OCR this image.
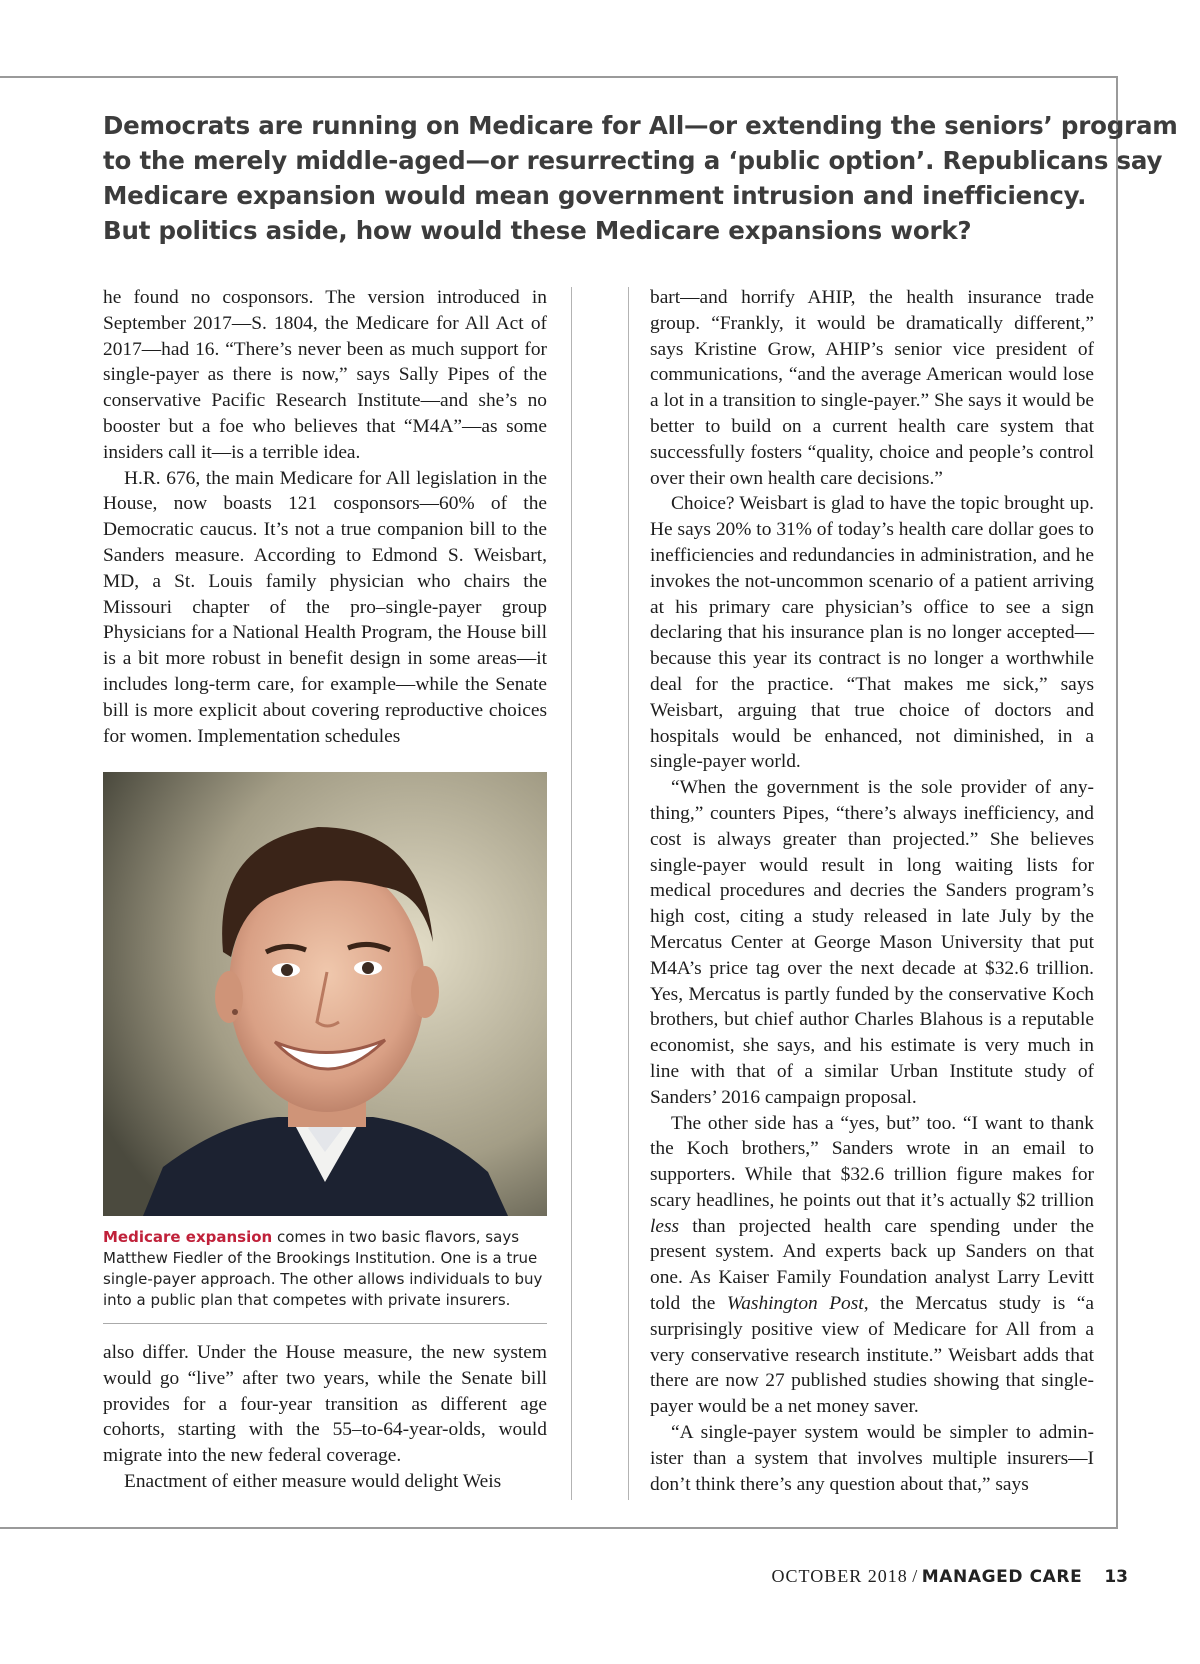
Democrats are running on Medicare for All—or extending the seniors’ program
to the merely middle-aged—or resurrecting a ‘public option’. Republicans say
Medicare expansion would mean government intrusion and inefficiency.
But politics aside, how would these Medicare expansions work?

he found no cosponsors. The version introduced in September 2017—S. 1804, the Medicare for All Act of 2017—had 16. “There’s never been as much support for single-payer as there is now,” says Sally Pipes of the conservative Pacific Research Institute—and she’s no booster but a foe who believes that “M4A”—as some insiders call it—is a terrible idea.

H.R. 676, the main Medicare for All legislation in the House, now boasts 121 cosponsors—60% of the Democratic caucus. It’s not a true companion bill to the Sanders measure. According to Edmond S. Weisbart, MD, a St. Louis family physician who chairs the Missouri chapter of the pro–single-payer group Physicians for a National Health Program, the House bill is a bit more robust in benefit design in some areas—it includes long-term care, for example—while the Senate bill is more explicit about covering reproductive choices for women. Implementation schedules

Medicare expansion comes in two basic flavors, says Matthew Fiedler of the Brookings Institution. One is a true single-payer approach. The other allows individuals to buy into a public plan that competes with private insurers.

also differ. Under the House measure, the new system would go “live” after two years, while the Senate bill provides for a four-year transition as different age cohorts, starting with the 55–to-64-year-olds, would migrate into the new federal coverage.

Enactment of either measure would delight Weis

bart—and horrify AHIP, the health insurance trade group. “Frankly, it would be dramatically different,” says Kristine Grow, AHIP’s senior vice president of communications, “and the average American would lose a lot in a transition to single-payer.” She says it would be better to build on a current health care system that successfully fosters “quality, choice and people’s control over their own health care decisions.”

Choice? Weisbart is glad to have the topic brought up. He says 20% to 31% of today’s health care dollar goes to inefficiencies and redundancies in administration, and he invokes the not-uncommon scenario of a patient arriving at his primary care physician’s office to see a sign declaring that his insurance plan is no longer accepted—because this year its contract is no longer a worthwhile deal for the practice. “That makes me sick,” says Weisbart, arguing that true choice of doctors and hospitals would be enhanced, not diminished, in a single-payer world.

“When the government is the sole provider of anything,” counters Pipes, “there’s always inefficiency, and cost is always greater than projected.” She believes single-payer would result in long waiting lists for medical procedures and decries the Sanders program’s high cost, citing a study released in late July by the Mercatus Center at George Mason University that put M4A’s price tag over the next decade at $32.6 trillion. Yes, Mercatus is partly funded by the conservative Koch brothers, but chief author Charles Blahous is a reputable economist, she says, and his estimate is very much in line with that of a similar Urban Institute study of Sanders’ 2016 campaign proposal.

The other side has a “yes, but” too. “I want to thank the Koch brothers,” Sanders wrote in an email to supporters. While that $32.6 trillion figure makes for scary headlines, he points out that it’s actually $2 trillion less than projected health care spending under the present system. And experts back up Sanders on that one. As Kaiser Family Foundation analyst Larry Levitt told the Washington Post, the Mercatus study is “a surprisingly positive view of Medicare for All from a very conservative research institute.” Weisbart adds that there are now 27 published studies showing that single-payer would be a net money saver.

“A single-payer system would be simpler to administer than a system that involves multiple insurers—I don’t think there’s any question about that,” says

OCTOBER 2018 / MANAGED CARE 13
